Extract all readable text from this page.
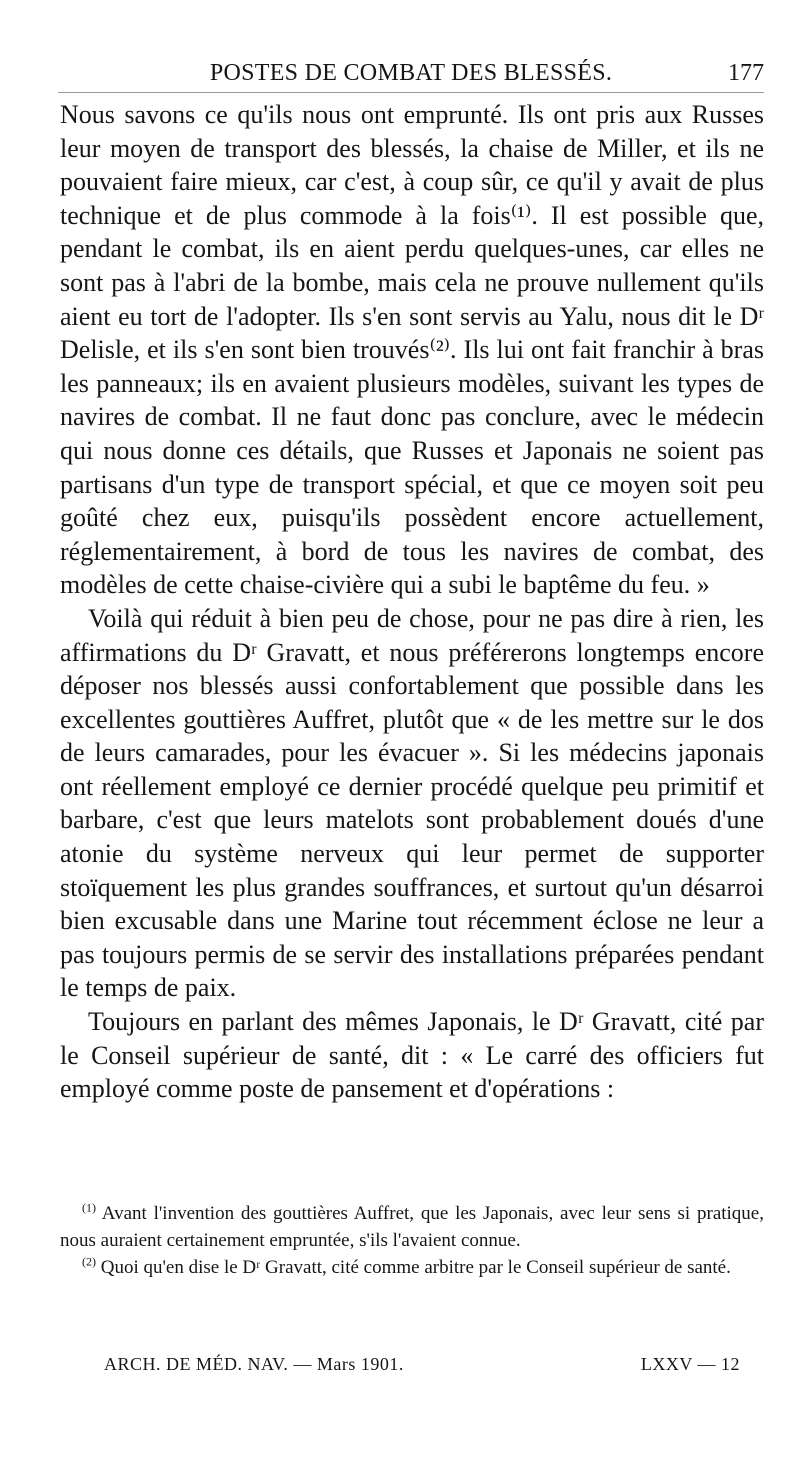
POSTES DE COMBAT DES BLESSÉS.	177

Nous savons ce qu'ils nous ont emprunté. Ils ont pris aux Russes leur moyen de transport des blessés, la chaise de Miller, et ils ne pouvaient faire mieux, car c'est, à coup sûr, ce qu'il y avait de plus technique et de plus commode à la fois⁽¹⁾. Il est possible que, pendant le combat, ils en aient perdu quelques-unes, car elles ne sont pas à l'abri de la bombe, mais cela ne prouve nullement qu'ils aient eu tort de l'adopter. Ils s'en sont servis au Yalu, nous dit le Dʳ Delisle, et ils s'en sont bien trouvés⁽²⁾. Ils lui ont fait franchir à bras les panneaux; ils en avaient plusieurs modèles, suivant les types de navires de combat. Il ne faut donc pas conclure, avec le médecin qui nous donne ces détails, que Russes et Japonais ne soient pas partisans d'un type de transport spécial, et que ce moyen soit peu goûté chez eux, puisqu'ils possèdent encore actuellement, réglementairement, à bord de tous les navires de combat, des modèles de cette chaise-civière qui a subi le baptême du feu. »

Voilà qui réduit à bien peu de chose, pour ne pas dire à rien, les affirmations du Dʳ Gravatt, et nous préférerons longtemps encore déposer nos blessés aussi confortablement que possible dans les excellentes gouttières Auffret, plutôt que « de les mettre sur le dos de leurs camarades, pour les évacuer ». Si les médecins japonais ont réellement employé ce dernier procédé quelque peu primitif et barbare, c'est que leurs matelots sont probablement doués d'une atonie du système nerveux qui leur permet de supporter stoïquement les plus grandes souffrances, et surtout qu'un désarroi bien excusable dans une Marine tout récemment éclose ne leur a pas toujours permis de se servir des installations préparées pendant le temps de paix.

Toujours en parlant des mêmes Japonais, le Dʳ Gravatt, cité par le Conseil supérieur de santé, dit : « Le carré des officiers fut employé comme poste de pansement et d'opérations :

$^{(1)}$ Avant l'invention des gouttières Auffret, que les Japonais, avec leur sens si pratique, nous auraient certainement empruntée, s'ils l'avaient connue.

$^{(2)}$ Quoi qu'en dise le Dʳ Gravatt, cité comme arbitre par le Conseil supérieur de santé.

ARCH. DE MÉD. NAV. — Mars 1901.	LXXV — 12
